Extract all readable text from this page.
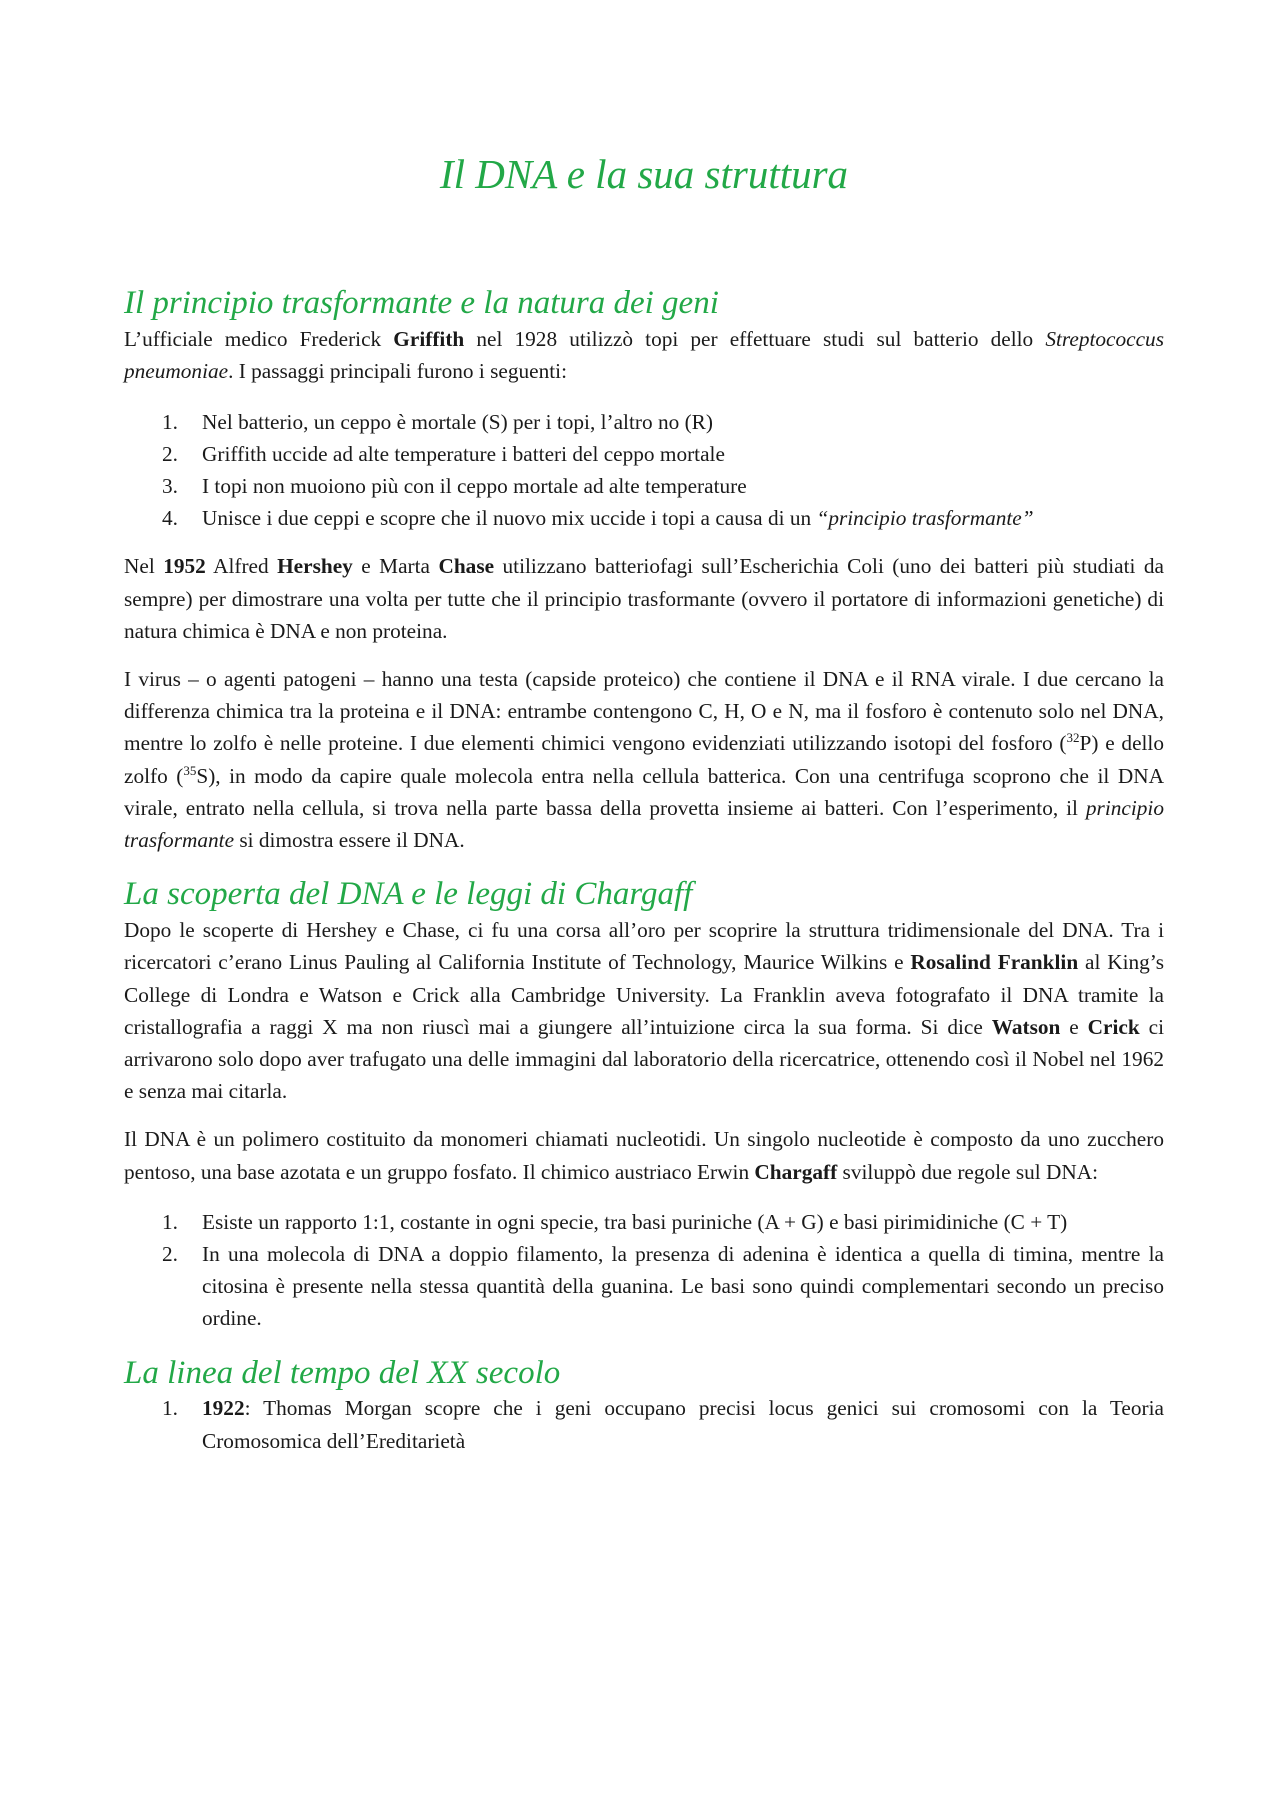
Il DNA e la sua struttura
Il principio trasformante e la natura dei geni

L’ufficiale medico Frederick Griffith nel 1928 utilizzò topi per effettuare studi sul batterio dello Streptococcus pneumoniae. I passaggi principali furono i seguenti:

1. Nel batterio, un ceppo è mortale (S) per i topi, l’altro no (R)
2. Griffith uccide ad alte temperature i batteri del ceppo mortale
3. I topi non muoiono più con il ceppo mortale ad alte temperature
4. Unisce i due ceppi e scopre che il nuovo mix uccide i topi a causa di un “principio trasformante”

Nel 1952 Alfred Hershey e Marta Chase utilizzano batteriofagi sull’Escherichia Coli (uno dei batteri più studiati da sempre) per dimostrare una volta per tutte che il principio trasformante (ovvero il portatore di informazioni genetiche) di natura chimica è DNA e non proteina.

I virus – o agenti patogeni – hanno una testa (capside proteico) che contiene il DNA e il RNA virale. I due cercano la differenza chimica tra la proteina e il DNA: entrambe contengono C, H, O e N, ma il fosforo è contenuto solo nel DNA, mentre lo zolfo è nelle proteine. I due elementi chimici vengono evidenziati utilizzando isotopi del fosforo ($^{32}$P) e dello zolfo ($^{35}$S), in modo da capire quale molecola entra nella cellula batterica. Con una centrifuga scoprono che il DNA virale, entrato nella cellula, si trova nella parte bassa della provetta insieme ai batteri. Con l’esperimento, il principio trasformante si dimostra essere il DNA.

La scoperta del DNA e le leggi di Chargaff

Dopo le scoperte di Hershey e Chase, ci fu una corsa all’oro per scoprire la struttura tridimensionale del DNA. Tra i ricercatori c’erano Linus Pauling al California Institute of Technology, Maurice Wilkins e Rosalind Franklin al King’s College di Londra e Watson e Crick alla Cambridge University. La Franklin aveva fotografato il DNA tramite la cristallografia a raggi X ma non riuscì mai a giungere all’intuizione circa la sua forma. Si dice Watson e Crick ci arrivarono solo dopo aver trafugato una delle immagini dal laboratorio della ricercatrice, ottenendo così il Nobel nel 1962 e senza mai citarla.

Il DNA è un polimero costituito da monomeri chiamati nucleotidi. Un singolo nucleotide è composto da uno zucchero pentoso, una base azotata e un gruppo fosfato. Il chimico austriaco Erwin Chargaff sviluppò due regole sul DNA:

1. Esiste un rapporto 1:1, costante in ogni specie, tra basi puriniche (A + G) e basi pirimidiniche (C + T)
2. In una molecola di DNA a doppio filamento, la presenza di adenina è identica a quella di timina, mentre la citosina è presente nella stessa quantità della guanina. Le basi sono quindi complementari secondo un preciso ordine.
La linea del tempo del XX secolo
1. 1922: Thomas Morgan scopre che i geni occupano precisi locus genici sui cromosomi con la Teoria Cromosomica dell’Ereditarietà
